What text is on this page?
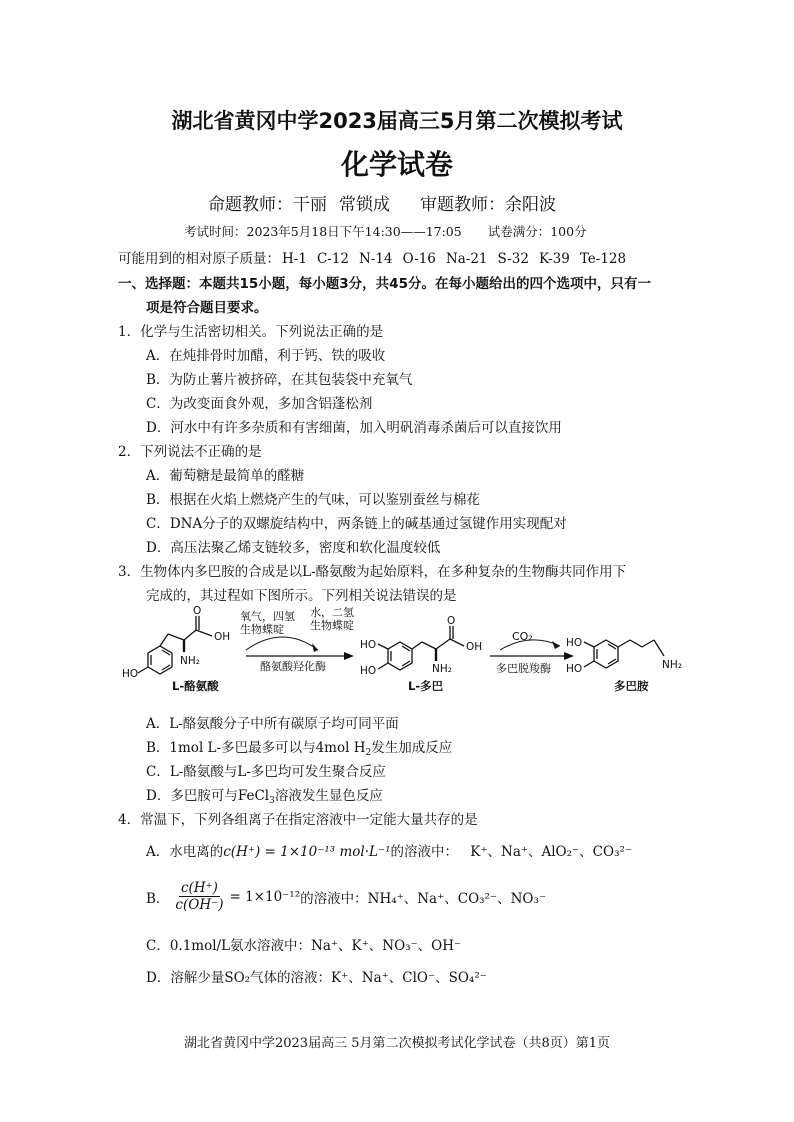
湖北省黄冈中学2023届高三5月第二次模拟考试
化学试卷
命题教师：干丽 常锁成 审题教师：余阳波
考试时间：2023年5月18日下午14:30——17:05 试卷满分：100分
可能用到的相对原子质量： H-1 C-12 N-14 O-16 Na-21 S-32 K-39 Te-128
一、选择题：本题共15小题，每小题3分，共45分。在每小题给出的四个选项中，只有一
项是符合题目要求。
1．化学与生活密切相关。下列说法正确的是
A．在炖排骨时加醋，利于钙、铁的吸收
B．为防止薯片被挤碎，在其包装袋中充氧气
C．为改变面食外观，多加含铝蓬松剂
D．河水中有许多杂质和有害细菌，加入明矾消毒杀菌后可以直接饮用
2．下列说法不正确的是
A．葡萄糖是最简单的醛糖
B．根据在火焰上燃烧产生的气味，可以鉴别蚕丝与棉花
C．DNA分子的双螺旋结构中，两条链上的碱基通过氢键作用实现配对
D．高压法聚乙烯支链较多，密度和软化温度较低
3．生物体内多巴胺的合成是以L-酪氨酸为起始原料，在多种复杂的生物酶共同作用下
完成的，其过程如下图所示。下列相关说法错误的是
HO
O
OH
NH₂
HO
HO
O
OH
NH₂
HO
HO	NH₂
氧气，四氢
生物蝶啶
水，二氢
生物蝶啶
酪氨酸羟化酶
CO₂
多巴脱羧酶
L-酪氨酸	L-多巴	多巴胺
A．L-酪氨酸分子中所有碳原子均可同平面
B．1mol L-多巴最多可以与4mol $H_2$发生加成反应
C．L-酪氨酸与L-多巴均可发生聚合反应
D．多巴胺可与FeCl$_3$溶液发生显色反应
4．常温下，下列各组离子在指定溶液中一定能大量共存的是
A．水电离的c(H⁺) = 1×10⁻¹³ mol·L⁻¹的溶液中： K⁺、Na⁺、AlO₂⁻、CO₃²⁻
B． $\frac{c(H^+)}{c(OH^-)} = 1\times 10^{-12}$ 的溶液中： NH₄⁺、Na⁺、CO₃²⁻、NO₃⁻
C．0.1mol/L氨水溶液中：Na⁺、K⁺、NO₃⁻、OH⁻
D．溶解少量SO₂气体的溶液：K⁺、Na⁺、ClO⁻、SO₄²⁻
湖北省黄冈中学2023届高三 5月第二次模拟考试化学试卷（共8页）第1页
